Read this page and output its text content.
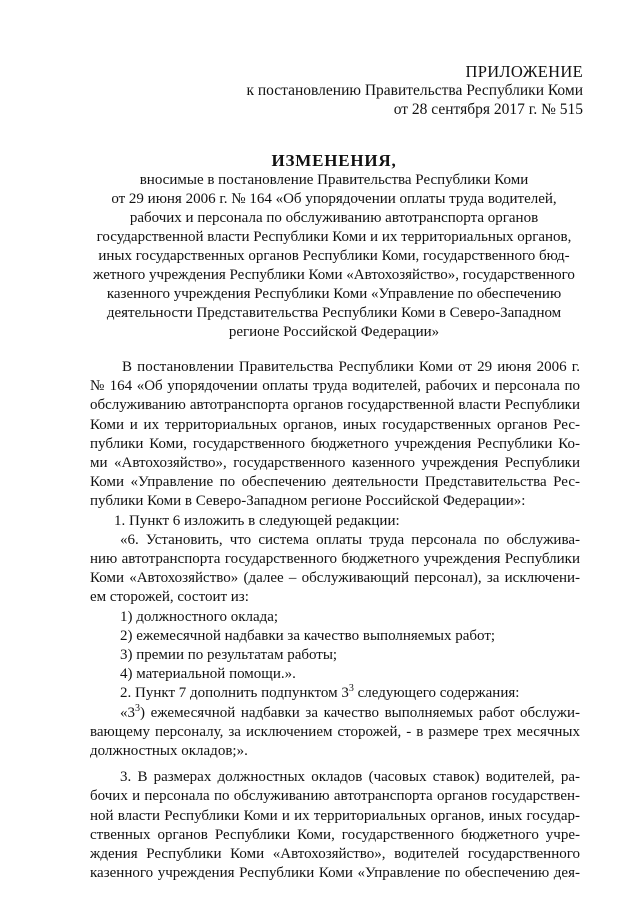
ПРИЛОЖЕНИЕ
к постановлению Правительства Республики Коми
от 28 сентября 2017 г. № 515
ИЗМЕНЕНИЯ,
вносимые в постановление Правительства Республики Коми
от 29 июня 2006 г. № 164 «Об упорядочении оплаты труда водителей,
рабочих и персонала по обслуживанию автотранспорта органов
государственной власти Республики Коми и их территориальных органов,
иных государственных органов Республики Коми, государственного бюд-
жетного учреждения Республики Коми «Автохозяйство», государственного
казенного учреждения Республики Коми «Управление по обеспечению
деятельности Представительства Республики Коми в Северо-Западном
регионе Российской Федерации»
В постановлении Правительства Республики Коми от 29 июня 2006 г.
№ 164 «Об упорядочении оплаты труда водителей, рабочих и персонала по
обслуживанию автотранспорта органов государственной власти Республики
Коми и их территориальных органов, иных государственных органов Рес-
публики Коми, государственного бюджетного учреждения Республики Ко-
ми «Автохозяйство», государственного казенного учреждения Республики
Коми «Управление по обеспечению деятельности Представительства Рес-
публики Коми в Северо-Западном регионе Российской Федерации»:
1. Пункт 6 изложить в следующей редакции:
«6. Установить, что система оплаты труда персонала по обслужива-
нию автотранспорта государственного бюджетного учреждения Республики
Коми «Автохозяйство» (далее – обслуживающий персонал), за исключени-
ем сторожей, состоит из:
1) должностного оклада;
2) ежемесячной надбавки за качество выполняемых работ;
3) премии по результатам работы;
4) материальной помощи.».
2. Пункт 7 дополнить подпунктом $3^3$ следующего содержания:
«$3^3$) ежемесячной надбавки за качество выполняемых работ обслужи-
вающему персоналу, за исключением сторожей, - в размере трех месячных
должностных окладов;».
3. В размерах должностных окладов (часовых ставок) водителей, ра-
бочих и персонала по обслуживанию автотранспорта органов государствен-
ной власти Республики Коми и их территориальных органов, иных государ-
ственных органов Республики Коми, государственного бюджетного учре-
ждения Республики Коми «Автохозяйство», водителей государственного
казенного учреждения Республики Коми «Управление по обеспечению дея-
